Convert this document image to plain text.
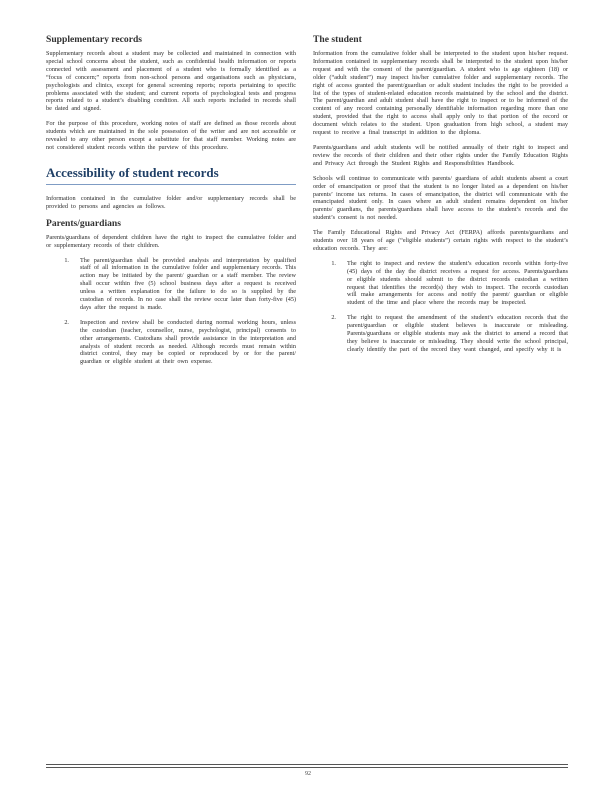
Supplementary records

Supplementary records about a student may be collected and maintained in connection with special school concerns about the student, such as confidential health information or reports connected with assessment and placement of a student who is formally identified as a “focus of concern;” reports from non-school persons and organisations such as physicians, psychologists and clinics, except for general screening reports; reports pertaining to specific problems associated with the student; and current reports of psychological tests and progress reports related to a student’s disabling condition. All such reports included in records shall be dated and signed.

For the purpose of this procedure, working notes of staff are defined as those records about students which are maintained in the sole possession of the writer and are not accessible or revealed to any other person except a substitute for that staff member. Working notes are not considered student records within the purview of this procedure.

Accessibility of student records

Information contained in the cumulative folder and/or supplementary records shall be provided to persons and agencies as follows.

Parents/guardians

Parents/guardians of dependent children have the right to inspect the cumulative folder and or supplementary records of their children.

1. The parent/guardian shall be provided analysis and interpretation by qualified staff of all information in the cumulative folder and supplementary records. This action may be initiated by the parent/ guardian or a staff member. The review shall occur within five (5) school business days after a request is received unless a written explanation for the failure to do so is supplied by the custodian of records. In no case shall the review occur later than forty-five (45) days after the request is made.
2. Inspection and review shall be conducted during normal working hours, unless the custodian (teacher, counsellor, nurse, psychologist, principal) consents to other arrangements. Custodians shall provide assistance in the interpretation and analysis of student records as needed. Although records must remain within district control, they may be copied or reproduced by or for the parent/ guardian or eligible student at their own expense.
The student

Information from the cumulative folder shall be interpreted to the student upon his/her request. Information contained in supplementary records shall be interpreted to the student upon his/her request and with the consent of the parent/guardian. A student who is age eighteen (18) or older (“adult student”) may inspect his/her cumulative folder and supplementary records. The right of access granted the parent/guardian or adult student includes the right to be provided a list of the types of student-related education records maintained by the school and the district. The parent/guardian and adult student shall have the right to inspect or to be informed of the content of any record containing personally identifiable information regarding more than one student, provided that the right to access shall apply only to that portion of the record or document which relates to the student. Upon graduation from high school, a student may request to receive a final transcript in addition to the diploma.

Parents/guardians and adult students will be notified annually of their right to inspect and review the records of their children and their other rights under the Family Education Rights and Privacy Act through the Student Rights and Responsibilities Handbook.

Schools will continue to communicate with parents/ guardians of adult students absent a court order of emancipation or proof that the student is no longer listed as a dependent on his/her parents’ income tax returns. In cases of emancipation, the district will communicate with the emancipated student only. In cases where an adult student remains dependent on his/her parents/ guardians, the parents/guardians shall have access to the student’s records and the student’s consent is not needed.

The Family Educational Rights and Privacy Act (FERPA) affords parents/guardians and students over 18 years of age (“eligible students”) certain rights with respect to the student’s education records. They are:

1. The right to inspect and review the student’s education records within forty-five (45) days of the day the district receives a request for access. Parents/guardians or eligible students should submit to the district records custodian a written request that identifies the record(s) they wish to inspect. The records custodian will make arrangements for access and notify the parent/ guardian or eligible student of the time and place where the records may be inspected.
2. The right to request the amendment of the student’s education records that the parent/guardian or eligible student believes is inaccurate or misleading. Parents/guardians or eligible students may ask the district to amend a record that they believe is inaccurate or misleading. They should write the school principal, clearly identify the part of the record they want changed, and specify why it is
92
